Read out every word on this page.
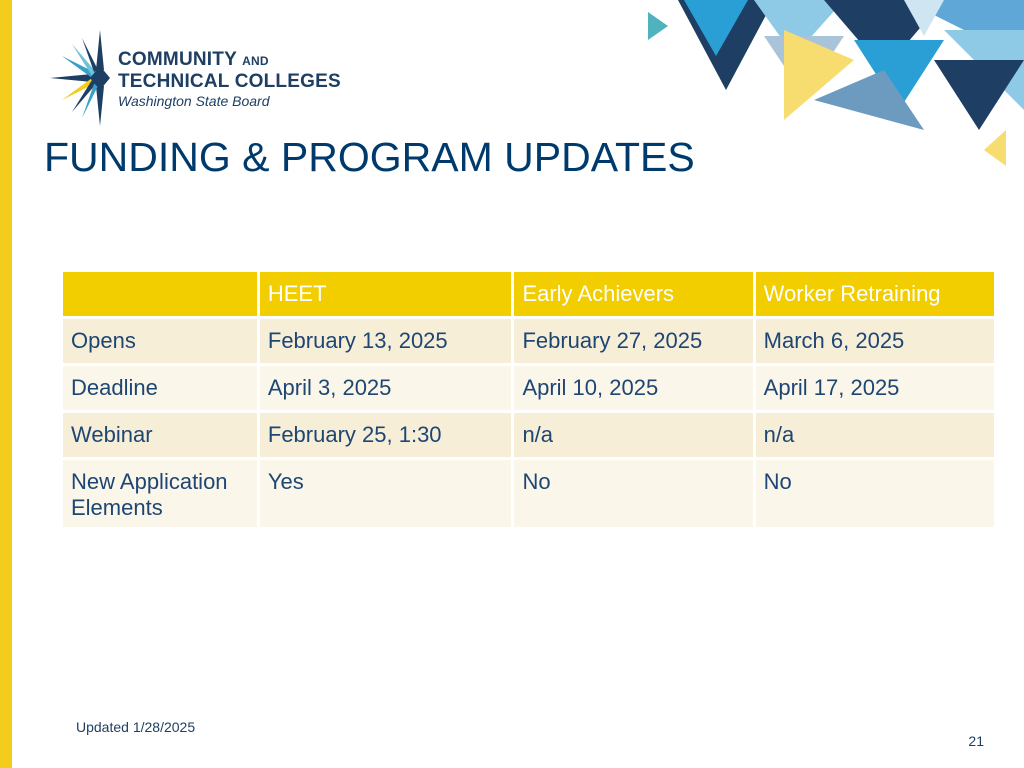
COMMUNITY AND
TECHNICAL COLLEGES
Washington State Board
FUNDING & PROGRAM UPDATES
	HEET	Early Achievers	Worker Retraining
Opens	February 13, 2025	February 27, 2025	March 6, 2025
Deadline	April 3, 2025	April 10, 2025	April 17, 2025
Webinar	February 25, 1:30	n/a	n/a
New Application Elements	Yes	No	No
Updated 1/28/2025
21
